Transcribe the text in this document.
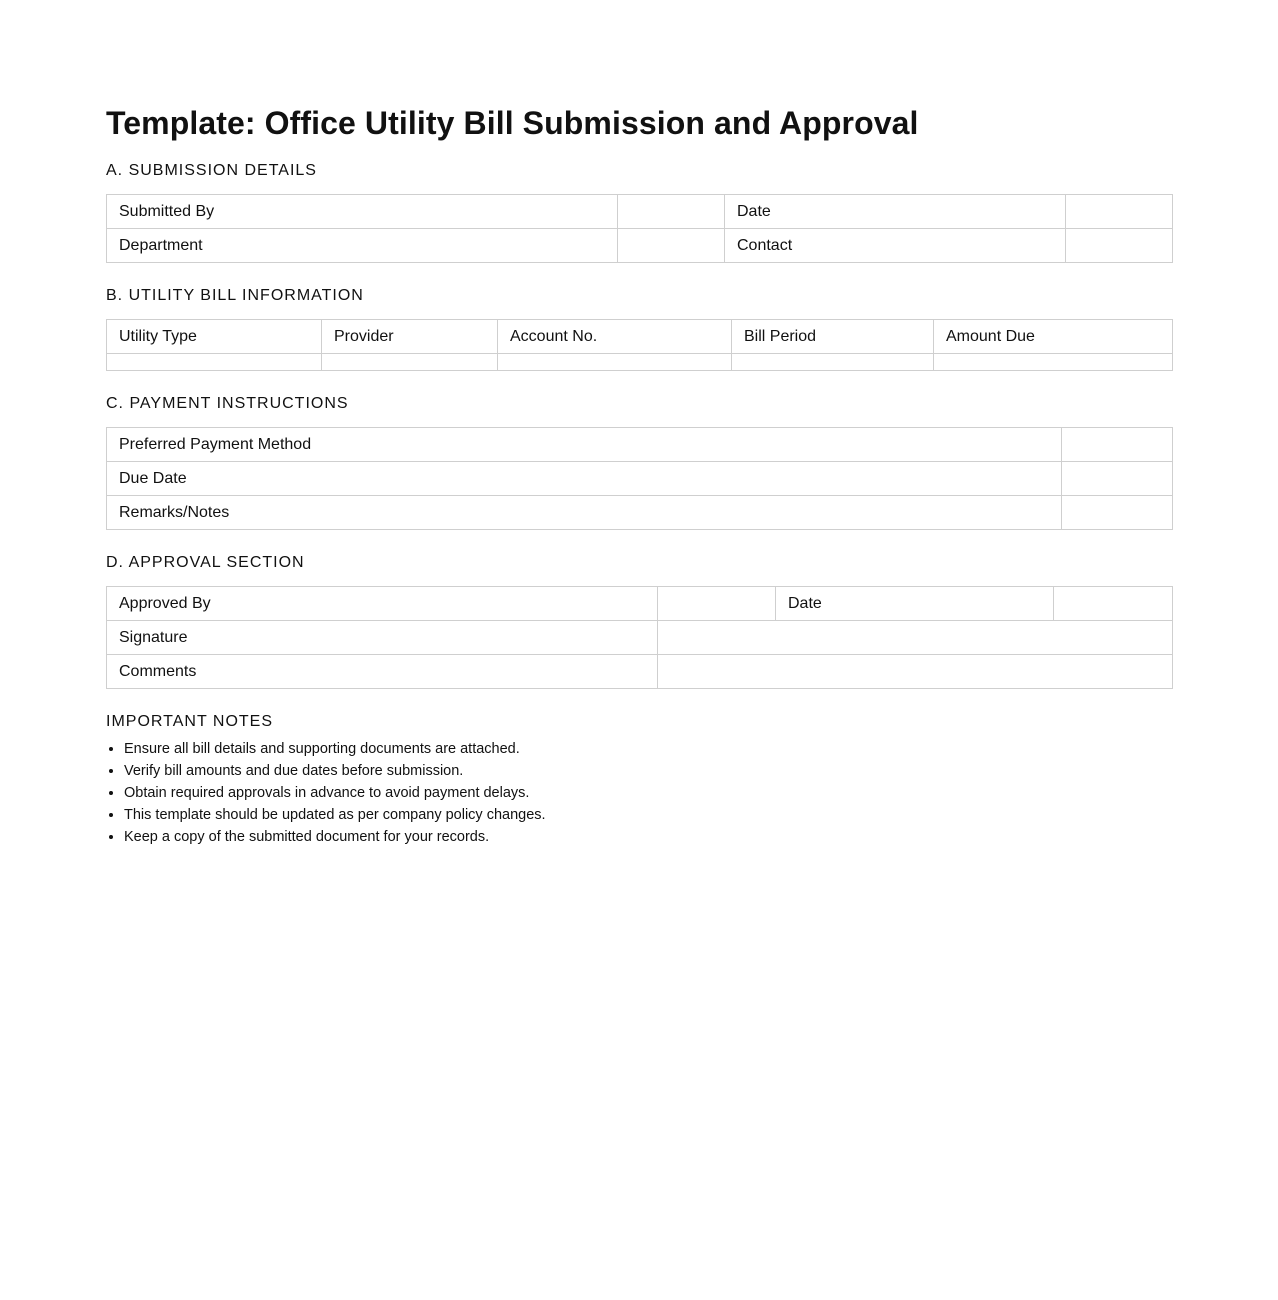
Template: Office Utility Bill Submission and Approval
A. SUBMISSION DETAILS
Submitted By		Date	
Department		Contact	
B. UTILITY BILL INFORMATION
Utility Type	Provider	Account No.	Bill Period	Amount Due

C. PAYMENT INSTRUCTIONS
Preferred Payment Method	
Due Date	
Remarks/Notes	
D. APPROVAL SECTION
Approved By		Date	
Signature			
Comments			
IMPORTANT NOTES
• Ensure all bill details and supporting documents are attached.
• Verify bill amounts and due dates before submission.
• Obtain required approvals in advance to avoid payment delays.
• This template should be updated as per company policy changes.
• Keep a copy of the submitted document for your records.
